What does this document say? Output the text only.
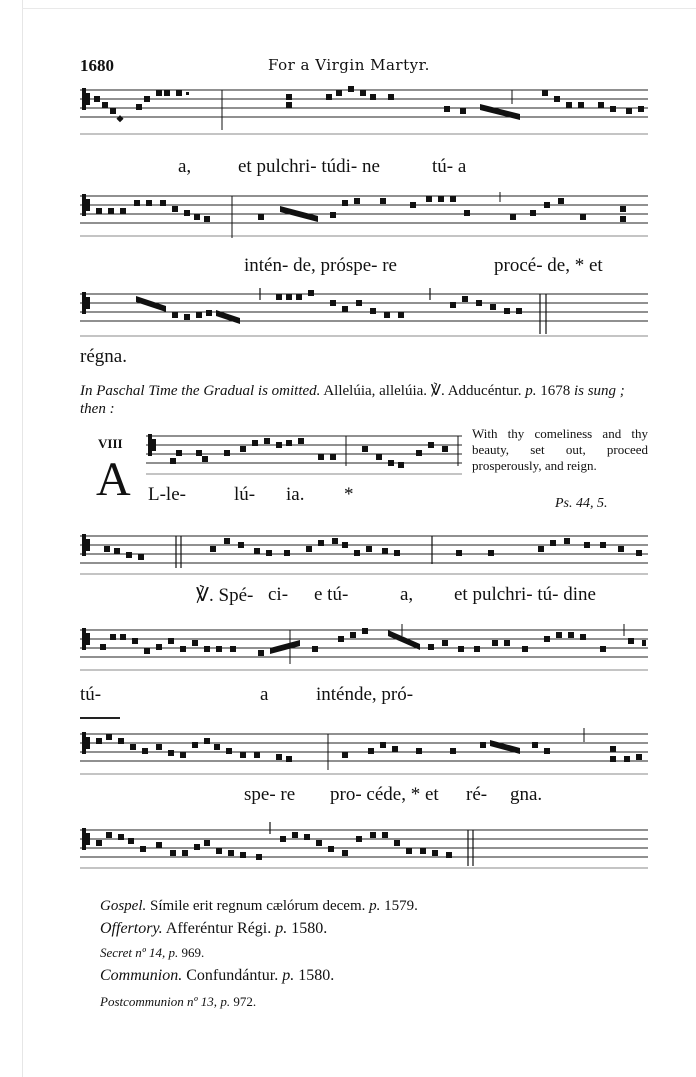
1680	For a Virgin Martyr.
a, et pulchri- túdi- ne	tú- a
intén- de, próspe- re	procé- de, * et
régna.
In Paschal Time the Gradual is omitted. Allelúia, allelúia. ℣. Adducéntur. p. 1678 is sung ; then :
VIII
A L-le-	lú- ia. *
With thy comeliness and thy beauty, set out, proceed prosperously, and reign.
Ps. 44, 5.
℣. Spé- ci- e tú-	a, et pulchri- tú- dine
tú-	a	inténde, pró-
spe- re pro- céde, * et ré- gna.
Gospel. Símile erit regnum cælórum decem. p. 1579.
Offertory. Afferéntur Régi. p. 1580.
Secret nº 14, p. 969.
Communion. Confundántur. p. 1580.
Postcommunion nº 13, p. 972.
